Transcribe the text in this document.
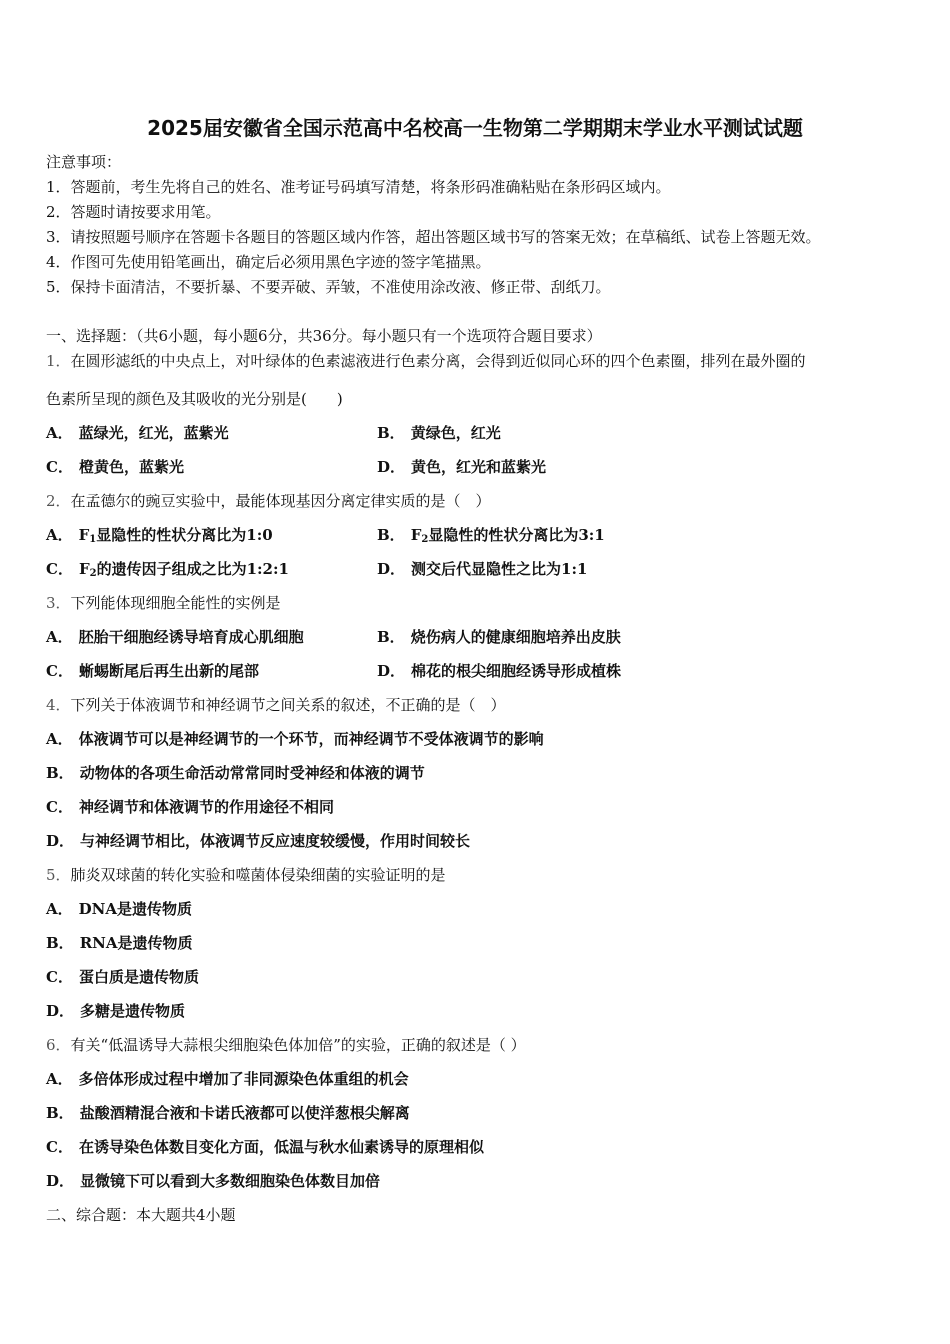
2025届安徽省全国示范高中名校高一生物第二学期期末学业水平测试试题
注意事项：
1．答题前，考生先将自己的姓名、准考证号码填写清楚，将条形码准确粘贴在条形码区域内。
2．答题时请按要求用笔。
3．请按照题号顺序在答题卡各题目的答题区域内作答，超出答题区域书写的答案无效；在草稿纸、试卷上答题无效。
4．作图可先使用铅笔画出，确定后必须用黑色字迹的签字笔描黑。
5．保持卡面清洁，不要折暴、不要弄破、弄皱，不准使用涂改液、修正带、刮纸刀。
一、选择题：（共6小题，每小题6分，共36分。每小题只有一个选项符合题目要求）
1．在圆形滤纸的中央点上，对叶绿体的色素滤液进行色素分离，会得到近似同心环的四个色素圈，排列在最外圈的
色素所呈现的颜色及其吸收的光分别是(　　)
A． 蓝绿光，红光，蓝紫光	B． 黄绿色，红光
C． 橙黄色，蓝紫光	D． 黄色，红光和蓝紫光
2．在孟德尔的豌豆实验中，最能体现基因分离定律实质的是（　）
A． $F_1$显隐性的性状分离比为1:0	B． $F_2$显隐性的性状分离比为3:1
C． $F_2$的遗传因子组成之比为1:2:1	D． 测交后代显隐性之比为1:1
3．下列能体现细胞全能性的实例是
A． 胚胎干细胞经诱导培育成心肌细胞	B． 烧伤病人的健康细胞培养出皮肤
C． 蜥蜴断尾后再生出新的尾部	D． 棉花的根尖细胞经诱导形成植株
4．下列关于体液调节和神经调节之间关系的叙述，不正确的是（　）
A． 体液调节可以是神经调节的一个环节，而神经调节不受体液调节的影响
B． 动物体的各项生命活动常常同时受神经和体液的调节
C． 神经调节和体液调节的作用途径不相同
D． 与神经调节相比，体液调节反应速度较缓慢，作用时间较长
5．肺炎双球菌的转化实验和噬菌体侵染细菌的实验证明的是
A． DNA是遗传物质
B． RNA是遗传物质
C． 蛋白质是遗传物质
D． 多糖是遗传物质
6．有关“低温诱导大蒜根尖细胞染色体加倍”的实验，正确的叙述是（ ）
A． 多倍体形成过程中增加了非同源染色体重组的机会
B． 盐酸酒精混合液和卡诺氏液都可以使洋葱根尖解离
C． 在诱导染色体数目变化方面，低温与秋水仙素诱导的原理相似
D． 显微镜下可以看到大多数细胞染色体数目加倍
二、综合题：本大题共4小题
